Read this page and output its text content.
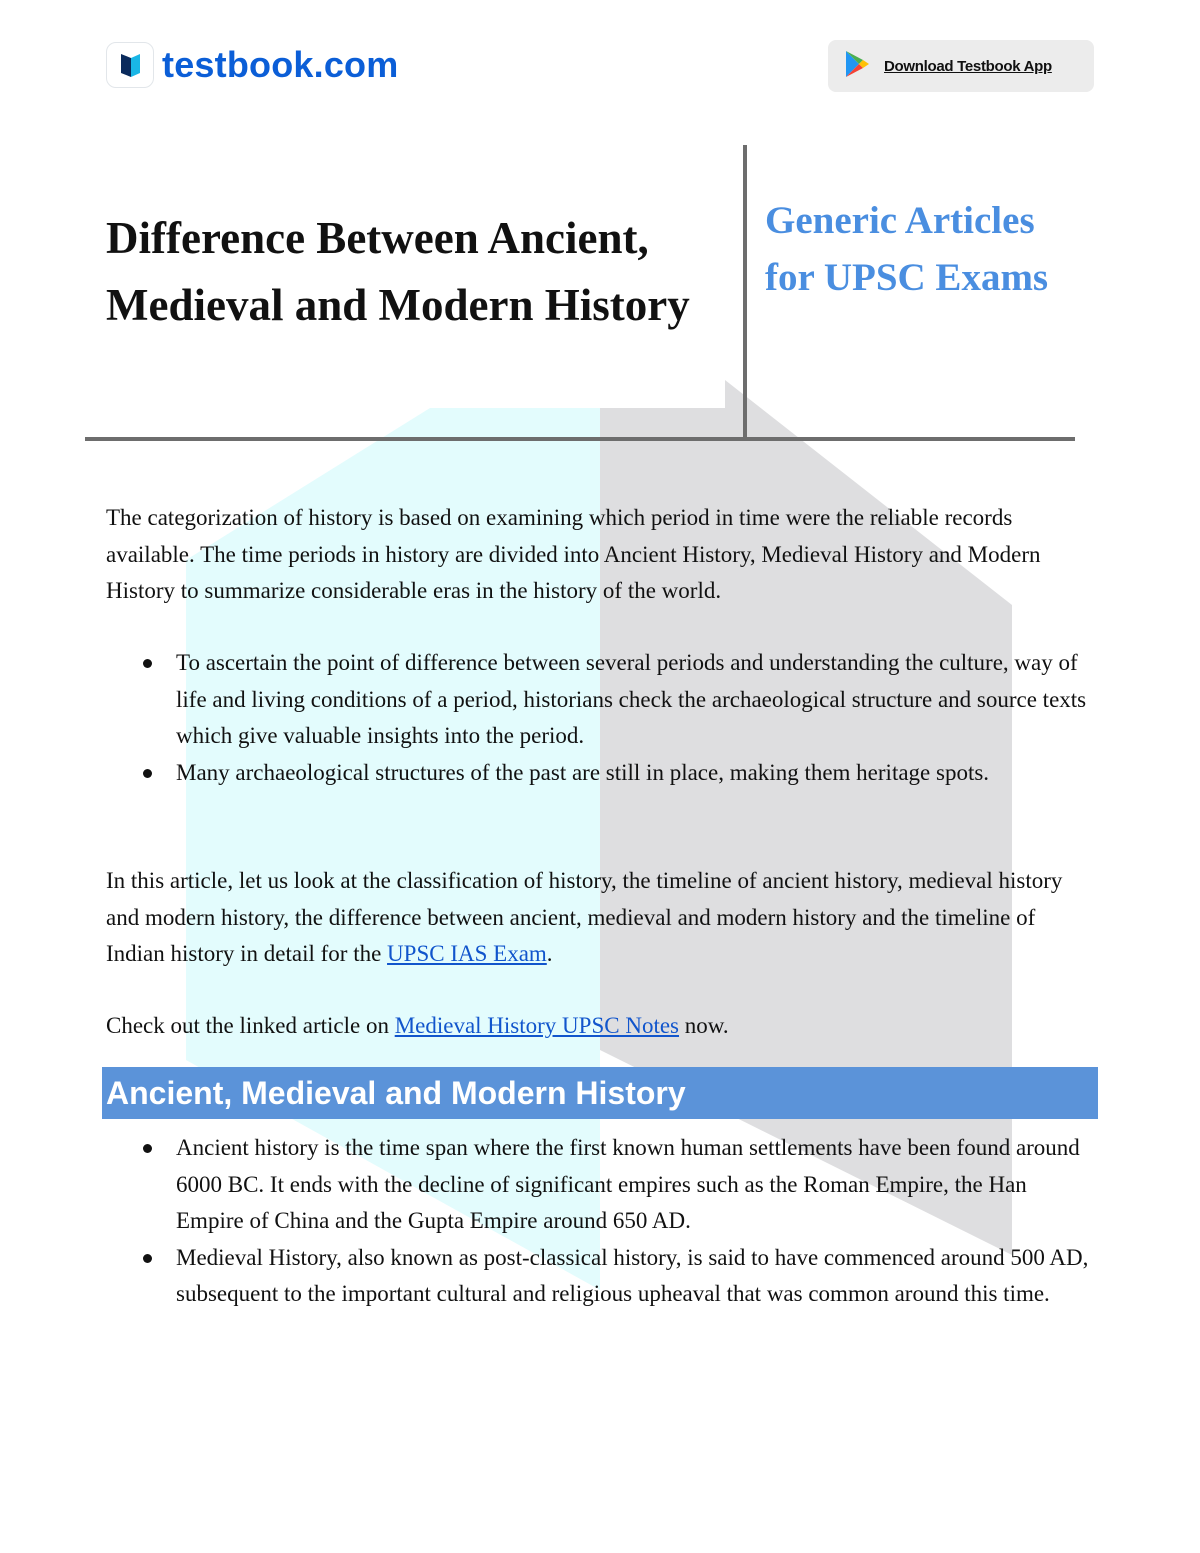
testbook.com	Download Testbook App
Difference Between Ancient, Medieval and Modern History
Generic Articles for UPSC Exams

The categorization of history is based on examining which period in time were the reliable records available. The time periods in history are divided into Ancient History, Medieval History and Modern History to summarize considerable eras in the history of the world.

To ascertain the point of difference between several periods and understanding the culture, way of life and living conditions of a period, historians check the archaeological structure and source texts which give valuable insights into the period.
Many archaeological structures of the past are still in place, making them heritage spots.

In this article, let us look at the classification of history, the timeline of ancient history, medieval history and modern history, the difference between ancient, medieval and modern history and the timeline of Indian history in detail for the UPSC IAS Exam.

Check out the linked article on Medieval History UPSC Notes now.

Ancient, Medieval and Modern History
Ancient history is the time span where the first known human settlements have been found around 6000 BC. It ends with the decline of significant empires such as the Roman Empire, the Han Empire of China and the Gupta Empire around 650 AD.
Medieval History, also known as post-classical history, is said to have commenced around 500 AD, subsequent to the important cultural and religious upheaval that was common around this time.
